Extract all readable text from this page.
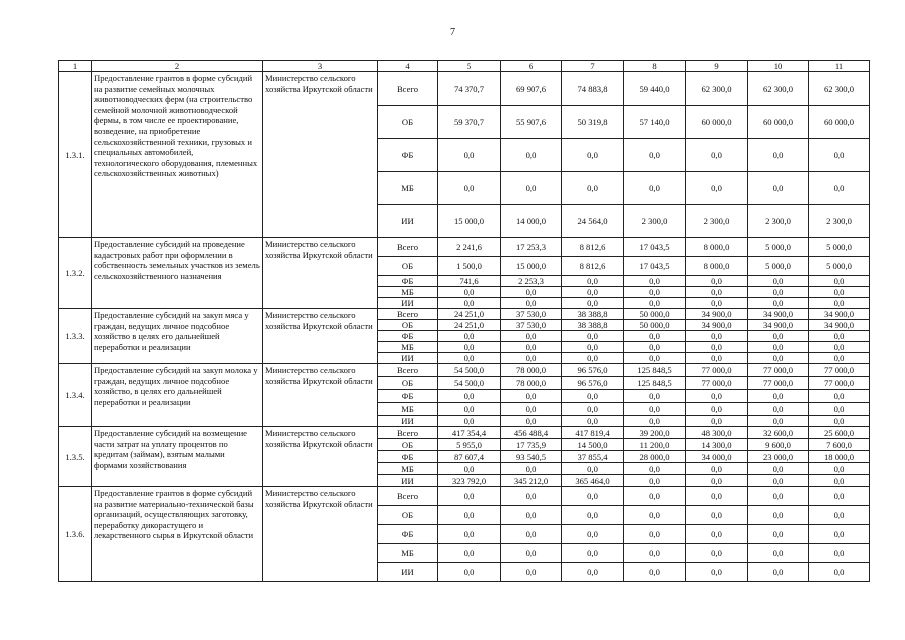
7
1	2	3	4	5	6	7	8	9	10	11
1.3.1.	Предоставление грантов в форме субсидий на развитие семейных молочных животноводческих ферм (на строительство семейной молочной животноводческой фермы, в том числе ее проектирование, возведение, на приобретение сельскохозяйственной техники, грузовых и специальных автомобилей, технологического оборудования, племенных сельскохозяйственных животных)	Министерство сельского хозяйства Иркутской области	Всего	74 370,7	69 907,6	74 883,8	59 440,0	62 300,0	62 300,0	62 300,0
			ОБ	59 370,7	55 907,6	50 319,8	57 140,0	60 000,0	60 000,0	60 000,0
			ФБ	0,0	0,0	0,0	0,0	0,0	0,0	0,0
			МБ	0,0	0,0	0,0	0,0	0,0	0,0	0,0
			ИИ	15 000,0	14 000,0	24 564,0	2 300,0	2 300,0	2 300,0	2 300,0
1.3.2.	Предоставление субсидий на проведение кадастровых работ при оформлении в собственность земельных участков из земель сельскохозяйственного назначения	Министерство сельского хозяйства Иркутской области	Всего	2 241,6	17 253,3	8 812,6	17 043,5	8 000,0	5 000,0	5 000,0
			ОБ	1 500,0	15 000,0	8 812,6	17 043,5	8 000,0	5 000,0	5 000,0
			ФБ	741,6	2 253,3	0,0	0,0	0,0	0,0	0,0
			МБ	0,0	0,0	0,0	0,0	0,0	0,0	0,0
			ИИ	0,0	0,0	0,0	0,0	0,0	0,0	0,0
1.3.3.	Предоставление субсидий на закуп мяса у граждан, ведущих личное подсобное хозяйство в целях его дальнейшей переработки и реализации	Министерство сельского хозяйства Иркутской области	Всего	24 251,0	37 530,0	38 388,8	50 000,0	34 900,0	34 900,0	34 900,0
			ОБ	24 251,0	37 530,0	38 388,8	50 000,0	34 900,0	34 900,0	34 900,0
			ФБ	0,0	0,0	0,0	0,0	0,0	0,0	0,0
			МБ	0,0	0,0	0,0	0,0	0,0	0,0	0,0
			ИИ	0,0	0,0	0,0	0,0	0,0	0,0	0,0
1.3.4.	Предоставление субсидий на закуп молока у граждан, ведущих личное подсобное хозяйство, в целях его дальнейшей переработки и реализации	Министерство сельского хозяйства Иркутской области	Всего	54 500,0	78 000,0	96 576,0	125 848,5	77 000,0	77 000,0	77 000,0
			ОБ	54 500,0	78 000,0	96 576,0	125 848,5	77 000,0	77 000,0	77 000,0
			ФБ	0,0	0,0	0,0	0,0	0,0	0,0	0,0
			МБ	0,0	0,0	0,0	0,0	0,0	0,0	0,0
			ИИ	0,0	0,0	0,0	0,0	0,0	0,0	0,0
1.3.5.	Предоставление субсидий на возмещение части затрат на уплату процентов по кредитам (займам), взятым малыми формами хозяйствования	Министерство сельского хозяйства Иркутской области	Всего	417 354,4	456 488,4	417 819,4	39 200,0	48 300,0	32 600,0	25 600,0
			ОБ	5 955,0	17 735,9	14 500,0	11 200,0	14 300,0	9 600,0	7 600,0
			ФБ	87 607,4	93 540,5	37 855,4	28 000,0	34 000,0	23 000,0	18 000,0
			МБ	0,0	0,0	0,0	0,0	0,0	0,0	0,0
			ИИ	323 792,0	345 212,0	365 464,0	0,0	0,0	0,0	0,0
1.3.6.	Предоставление грантов в форме субсидий на развитие материально-технической базы организаций, осуществляющих заготовку, переработку дикорастущего и лекарственного сырья в Иркутской области	Министерство сельского хозяйства Иркутской области	Всего	0,0	0,0	0,0	0,0	0,0	0,0	0,0
			ОБ	0,0	0,0	0,0	0,0	0,0	0,0	0,0
			ФБ	0,0	0,0	0,0	0,0	0,0	0,0	0,0
			МБ	0,0	0,0	0,0	0,0	0,0	0,0	0,0
			ИИ	0,0	0,0	0,0	0,0	0,0	0,0	0,0
